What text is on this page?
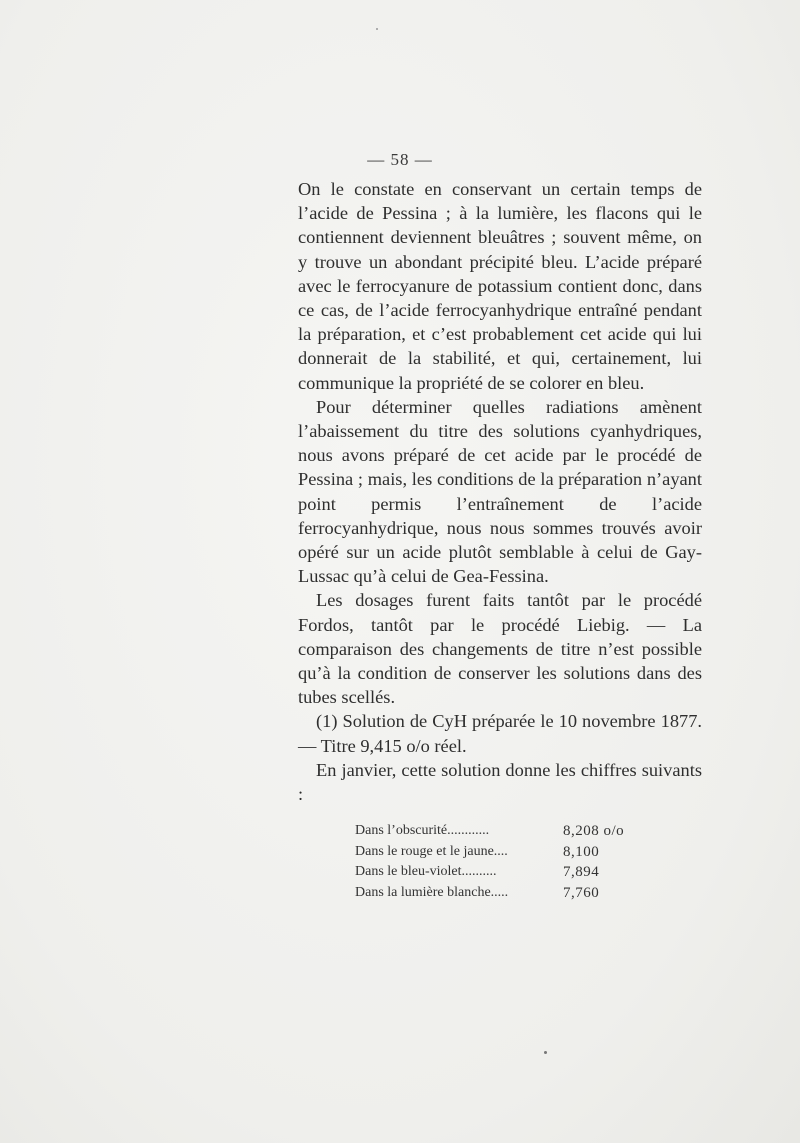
— 58 —

On le constate en conservant un certain temps de l’acide de Pessina ; à la lumière, les flacons qui le contiennent deviennent bleuâtres ; souvent même, on y trouve un abondant précipité bleu. L’acide préparé avec le ferrocyanure de potassium contient donc, dans ce cas, de l’acide ferrocyanhydrique entraîné pendant la préparation, et c’est probablement cet acide qui lui donnerait de la stabilité, et qui, certainement, lui communique la propriété de se colorer en bleu.

Pour déterminer quelles radiations amènent l’abaissement du titre des solutions cyanhydriques, nous avons préparé de cet acide par le procédé de Pessina ; mais, les conditions de la préparation n’ayant point permis l’entraînement de l’acide ferrocyanhydrique, nous nous sommes trouvés avoir opéré sur un acide plutôt semblable à celui de Gay-Lussac qu’à celui de Gea-Fessina.

Les dosages furent faits tantôt par le procédé Fordos, tantôt par le procédé Liebig. — La comparaison des changements de titre n’est possible qu’à la condition de conserver les solutions dans des tubes scellés.

(1) Solution de CyH préparée le 10 novembre 1877. — Titre 9,415 o/o réel.

En janvier, cette solution donne les chiffres suivants :

Dans l’obscurité............	8,208 o/o
Dans le rouge et le jaune....	8,100
Dans le bleu-violet..........	7,894
Dans la lumière blanche.....	7,760
